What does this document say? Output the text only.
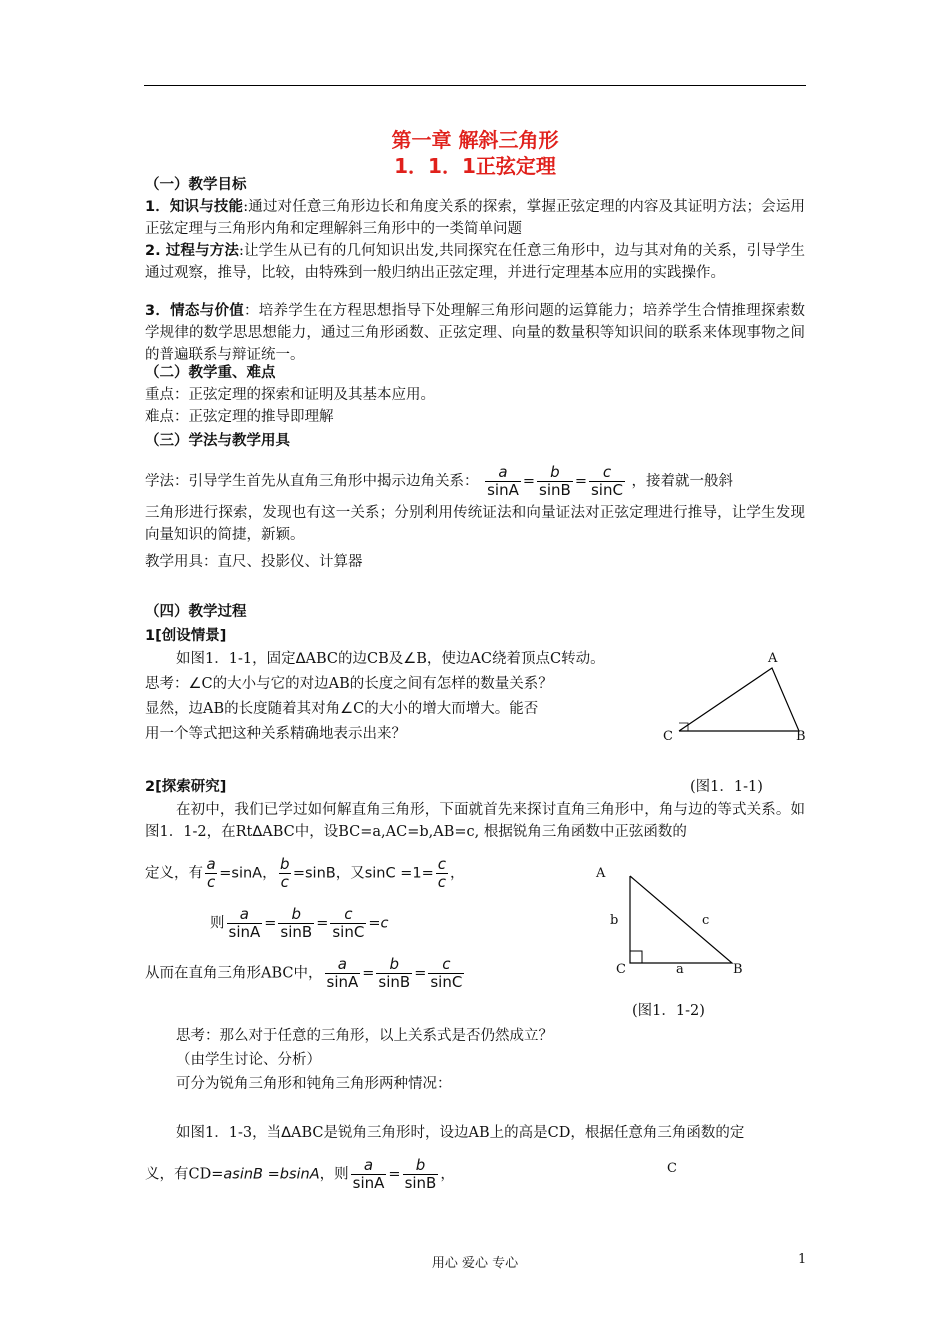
第一章 解斜三角形
1．1．1正弦定理
（一）教学目标
1．知识与技能:通过对任意三角形边长和角度关系的探索，掌握正弦定理的内容及其证明方法；会运用正弦定理与三角形内角和定理解斜三角形中的一类简单问题
2. 过程与方法:让学生从已有的几何知识出发,共同探究在任意三角形中，边与其对角的关系，引导学生通过观察，推导，比较，由特殊到一般归纳出正弦定理，并进行定理基本应用的实践操作。
3．情态与价值：培养学生在方程思想指导下处理解三角形问题的运算能力；培养学生合情推理探索数学规律的数学思思想能力，通过三角形函数、正弦定理、向量的数量积等知识间的联系来体现事物之间的普遍联系与辩证统一。
（二）教学重、难点
重点：正弦定理的探索和证明及其基本应用。
难点：正弦定理的推导即理解
（三）学法与教学用具
学法：引导学生首先从直角三角形中揭示边角关系： $\frac{a}{\sin A} = \frac{b}{\sin B} = \frac{c}{\sin C}$ ，接着就一般斜
三角形进行探索，发现也有这一关系；分别利用传统证法和向量证法对正弦定理进行推导，让学生发现向量知识的简捷，新颖。
教学用具：直尺、投影仪、计算器
（四）教学过程
1[创设情景]
如图1．1-1，固定ΔABC的边CB及∠B，使边AC绕着顶点C转动。
思考：∠C的大小与它的对边AB的长度之间有怎样的数量关系？
显然，边AB的长度随着其对角∠C的大小的增大而增大。能否
用一个等式把这种关系精确地表示出来？
A
C	B
2[探索研究]	(图1．1-1)
在初中，我们已学过如何解直角三角形，下面就首先来探讨直角三角形中，角与边的等式关系。如图1．1-2，在RtΔABC中，设BC=a,AC=b,AB=c, 根据锐角三角函数中正弦函数的
定义，有 $\frac{a}{c} =\sin A$， $\frac{b}{c} =\sin B$，又$\sin C =1= \frac{c}{c}$ ，
则 $\frac{a}{\sin A} = \frac{b}{\sin B} = \frac{c}{\sin C} =c$
从而在直角三角形ABC中， $\frac{a}{\sin A} = \frac{b}{\sin B} = \frac{c}{\sin C}$
A
b	c
C	a	B
(图1．1-2)
思考：那么对于任意的三角形，以上关系式是否仍然成立？
（由学生讨论、分析）
可分为锐角三角形和钝角三角形两种情况：
如图1．1-3，当ΔABC是锐角三角形时，设边AB上的高是CD，根据任意角三角函数的定
义，有CD=asinB =bsinA，则 $\frac{a}{\sin A} = \frac{b}{\sin B}$ ，	C
用心 爱心 专心	1
